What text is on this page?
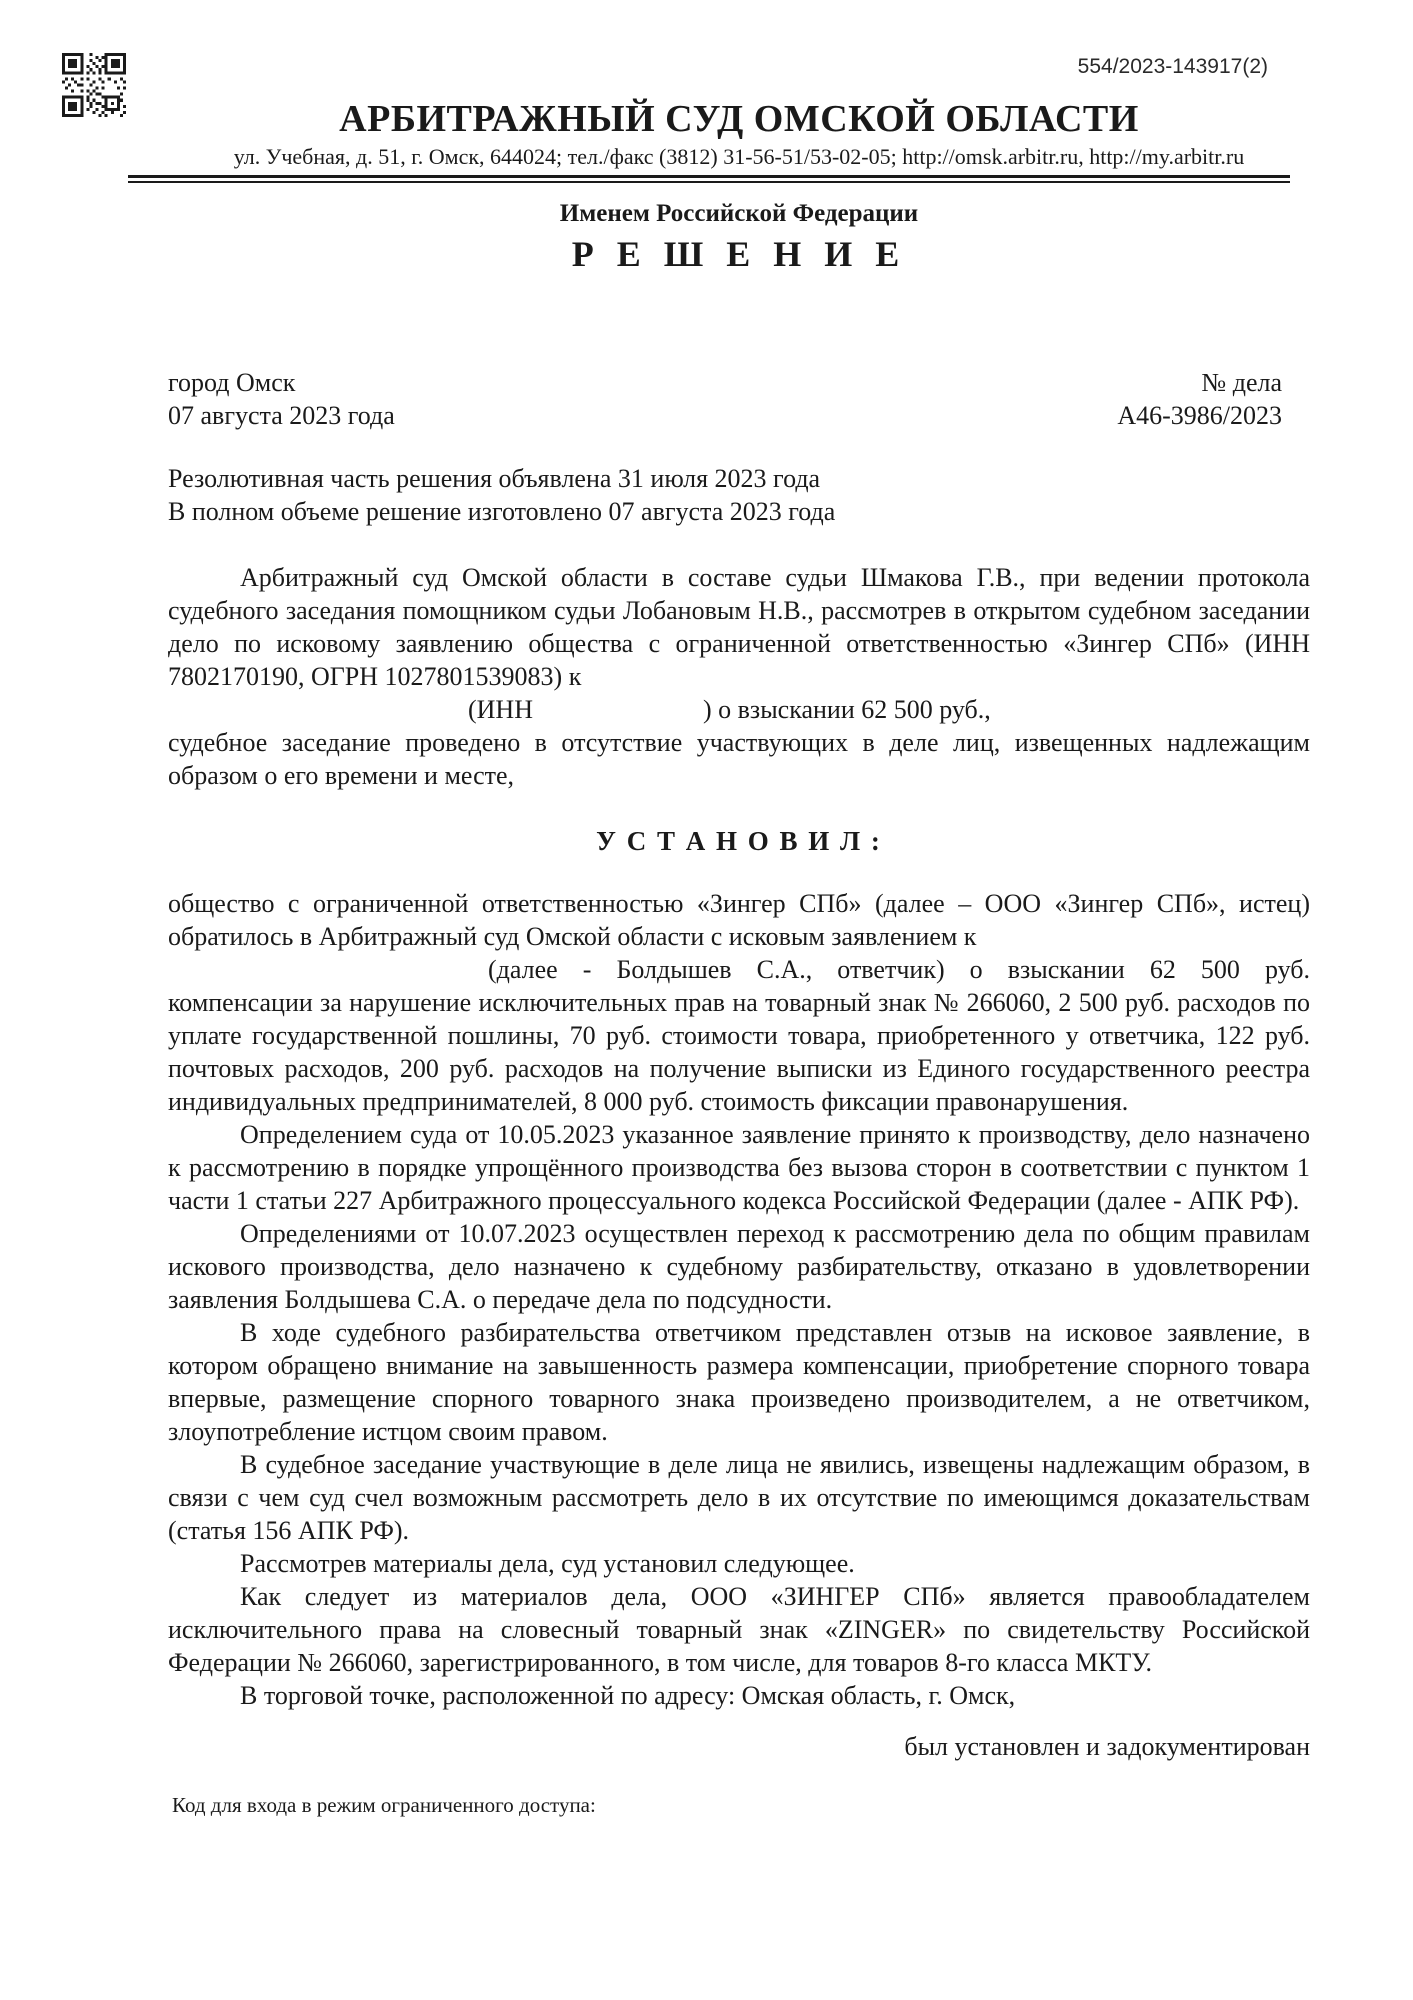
554/2023-143917(2)
АРБИТРАЖНЫЙ СУД ОМСКОЙ ОБЛАСТИ
ул. Учебная, д. 51, г. Омск, 644024; тел./факс (3812) 31-56-51/53-02-05; http://omsk.arbitr.ru, http://my.arbitr.ru
Именем Российской Федерации
Р Е Ш Е Н И Е
город Омск
07 августа 2023 года
№ дела
А46-3986/2023
Резолютивная часть решения объявлена 31 июля 2023 года
В полном объеме решение изготовлено 07 августа 2023 года
Арбитражный суд Омской области в составе судьи Шмакова Г.В., при ведении протокола судебного заседания помощником судьи Лобановым Н.В., рассмотрев в открытом судебном заседании дело по исковому заявлению общества с ограниченной ответственностью «Зингер СПб» (ИНН 7802170190, ОГРН 1027801539083) к
(ИНН	) о взыскании 62 500 руб.,
судебное заседание проведено в отсутствие участвующих в деле лиц, извещенных надлежащим образом о его времени и месте,
У С Т А Н О В И Л :
общество с ограниченной ответственностью «Зингер СПб» (далее – ООО «Зингер СПб», истец) обратилось в Арбитражный суд Омской области с исковым заявлением к
(далее - Болдышев С.А., ответчик) о взыскании 62 500 руб.
компенсации за нарушение исключительных прав на товарный знак № 266060, 2 500 руб. расходов по уплате государственной пошлины, 70 руб. стоимости товара, приобретенного у ответчика, 122 руб. почтовых расходов, 200 руб. расходов на получение выписки из Единого государственного реестра индивидуальных предпринимателей, 8 000 руб. стоимость фиксации правонарушения.
Определением суда от 10.05.2023 указанное заявление принято к производству, дело назначено к рассмотрению в порядке упрощённого производства без вызова сторон в соответствии с пунктом 1 части 1 статьи 227 Арбитражного процессуального кодекса Российской Федерации (далее - АПК РФ).
Определениями от 10.07.2023 осуществлен переход к рассмотрению дела по общим правилам искового производства, дело назначено к судебному разбирательству, отказано в удовлетворении заявления Болдышева С.А. о передаче дела по подсудности.
В ходе судебного разбирательства ответчиком представлен отзыв на исковое заявление, в котором обращено внимание на завышенность размера компенсации, приобретение спорного товара впервые, размещение спорного товарного знака произведено производителем, а не ответчиком, злоупотребление истцом своим правом.
В судебное заседание участвующие в деле лица не явились, извещены надлежащим образом, в связи с чем суд счел возможным рассмотреть дело в их отсутствие по имеющимся доказательствам (статья 156 АПК РФ).
Рассмотрев материалы дела, суд установил следующее.
Как следует из материалов дела, ООО «ЗИНГЕР СПб» является правообладателем исключительного права на словесный товарный знак «ZINGER» по свидетельству Российской Федерации № 266060, зарегистрированного, в том числе, для товаров 8-го класса МКТУ.
В торговой точке, расположенной по адресу: Омская область, г. Омск,
был установлен и задокументирован
Код для входа в режим ограниченного доступа:
